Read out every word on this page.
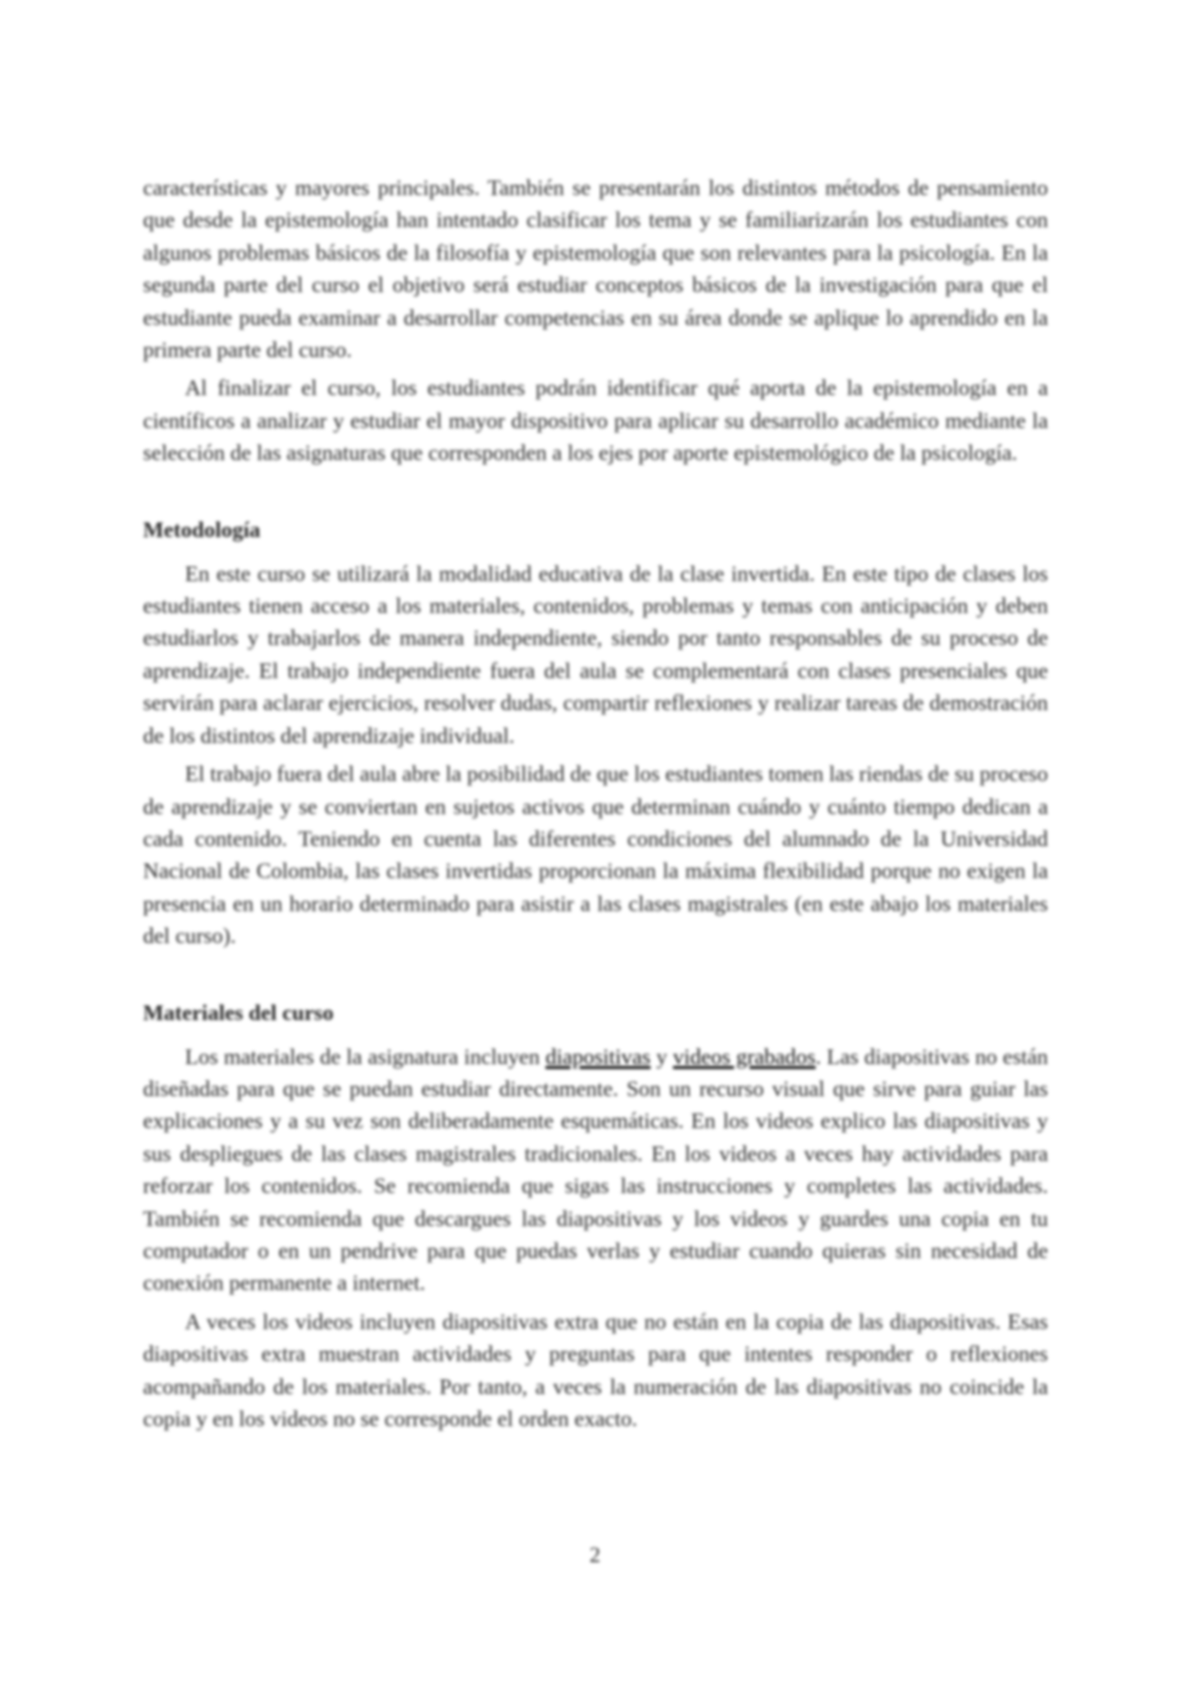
características y mayores principales. También se presentarán los distintos métodos de pensamiento que desde la epistemología han intentado clasificar los tema y se familiarizarán los estudiantes con algunos problemas básicos de la filosofía y epistemología que son relevantes para la psicología. En la segunda parte del curso el objetivo será estudiar conceptos básicos de la investigación para que el estudiante pueda examinar a desarrollar competencias en su área donde se aplique lo aprendido en la primera parte del curso.

Al finalizar el curso, los estudiantes podrán identificar qué aporta de la epistemología en a científicos a analizar y estudiar el mayor dispositivo para aplicar su desarrollo académico mediante la selección de las asignaturas que corresponden a los ejes por aporte epistemológico de la psicología.

Metodología

En este curso se utilizará la modalidad educativa de la clase invertida. En este tipo de clases los estudiantes tienen acceso a los materiales, contenidos, problemas y temas con anticipación y deben estudiarlos y trabajarlos de manera independiente, siendo por tanto responsables de su proceso de aprendizaje. El trabajo independiente fuera del aula se complementará con clases presenciales que servirán para aclarar ejercicios, resolver dudas, compartir reflexiones y realizar tareas de demostración de los distintos del aprendizaje individual.

El trabajo fuera del aula abre la posibilidad de que los estudiantes tomen las riendas de su proceso de aprendizaje y se conviertan en sujetos activos que determinan cuándo y cuánto tiempo dedican a cada contenido. Teniendo en cuenta las diferentes condiciones del alumnado de la Universidad Nacional de Colombia, las clases invertidas proporcionan la máxima flexibilidad porque no exigen la presencia en un horario determinado para asistir a las clases magistrales (en este abajo los materiales del curso).

Materiales del curso

Los materiales de la asignatura incluyen diapositivas y videos grabados. Las diapositivas no están diseñadas para que se puedan estudiar directamente. Son un recurso visual que sirve para guiar las explicaciones y a su vez son deliberadamente esquemáticas. En los videos explico las diapositivas y sus despliegues de las clases magistrales tradicionales. En los videos a veces hay actividades para reforzar los contenidos. Se recomienda que sigas las instrucciones y completes las actividades. También se recomienda que descargues las diapositivas y los videos y guardes una copia en tu computador o en un pendrive para que puedas verlas y estudiar cuando quieras sin necesidad de conexión permanente a internet.

A veces los videos incluyen diapositivas extra que no están en la copia de las diapositivas. Esas diapositivas extra muestran actividades y preguntas para que intentes responder o reflexiones acompañando de los materiales. Por tanto, a veces la numeración de las diapositivas no coincide la copia y en los videos no se corresponde el orden exacto.

2
